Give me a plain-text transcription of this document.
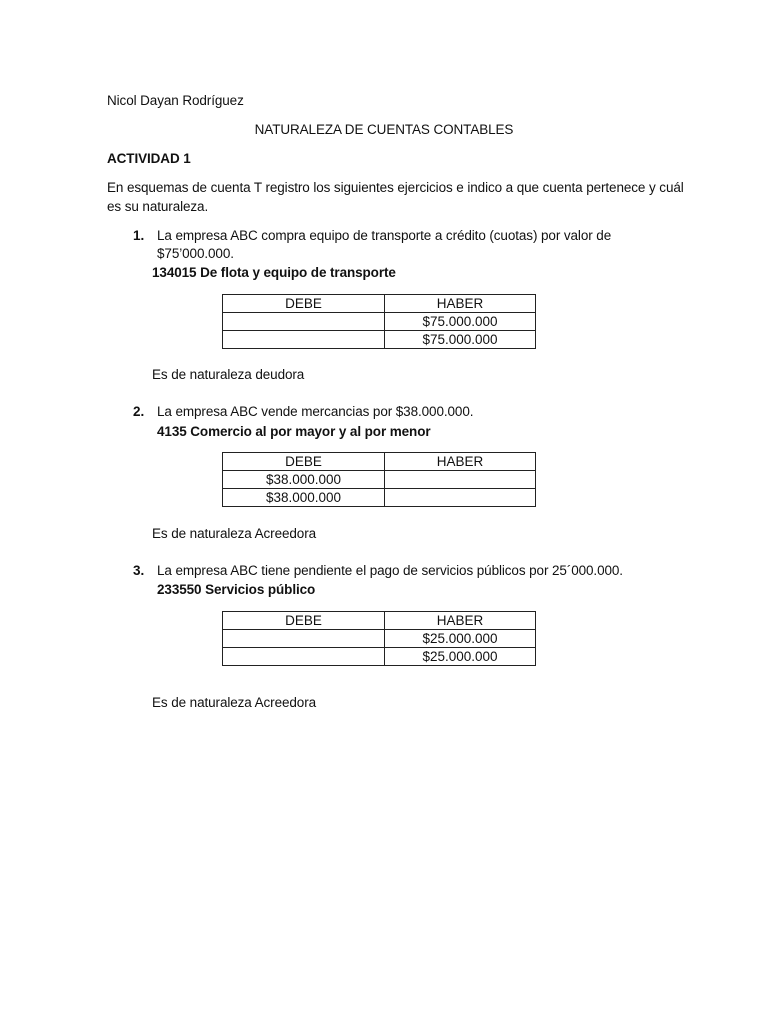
Nicol Dayan Rodríguez
NATURALEZA DE CUENTAS CONTABLES
ACTIVIDAD 1
En esquemas de cuenta T registro los siguientes ejercicios e indico a que cuenta pertenece y cuál
es su naturaleza.
1. La empresa ABC compra equipo de transporte a crédito (cuotas) por valor de
$75’000.000.
134015 De flota y equipo de transporte
DEBE	HABER
	$75.000.000
	$75.000.000
Es de naturaleza deudora
2. La empresa ABC vende mercancias por $38.000.000.
4135 Comercio al por mayor y al por menor
DEBE	HABER
$38.000.000	
$38.000.000	
Es de naturaleza Acreedora
3. La empresa ABC tiene pendiente el pago de servicios públicos por 25´000.000.
233550 Servicios público
DEBE	HABER
	$25.000.000
	$25.000.000
Es de naturaleza Acreedora
